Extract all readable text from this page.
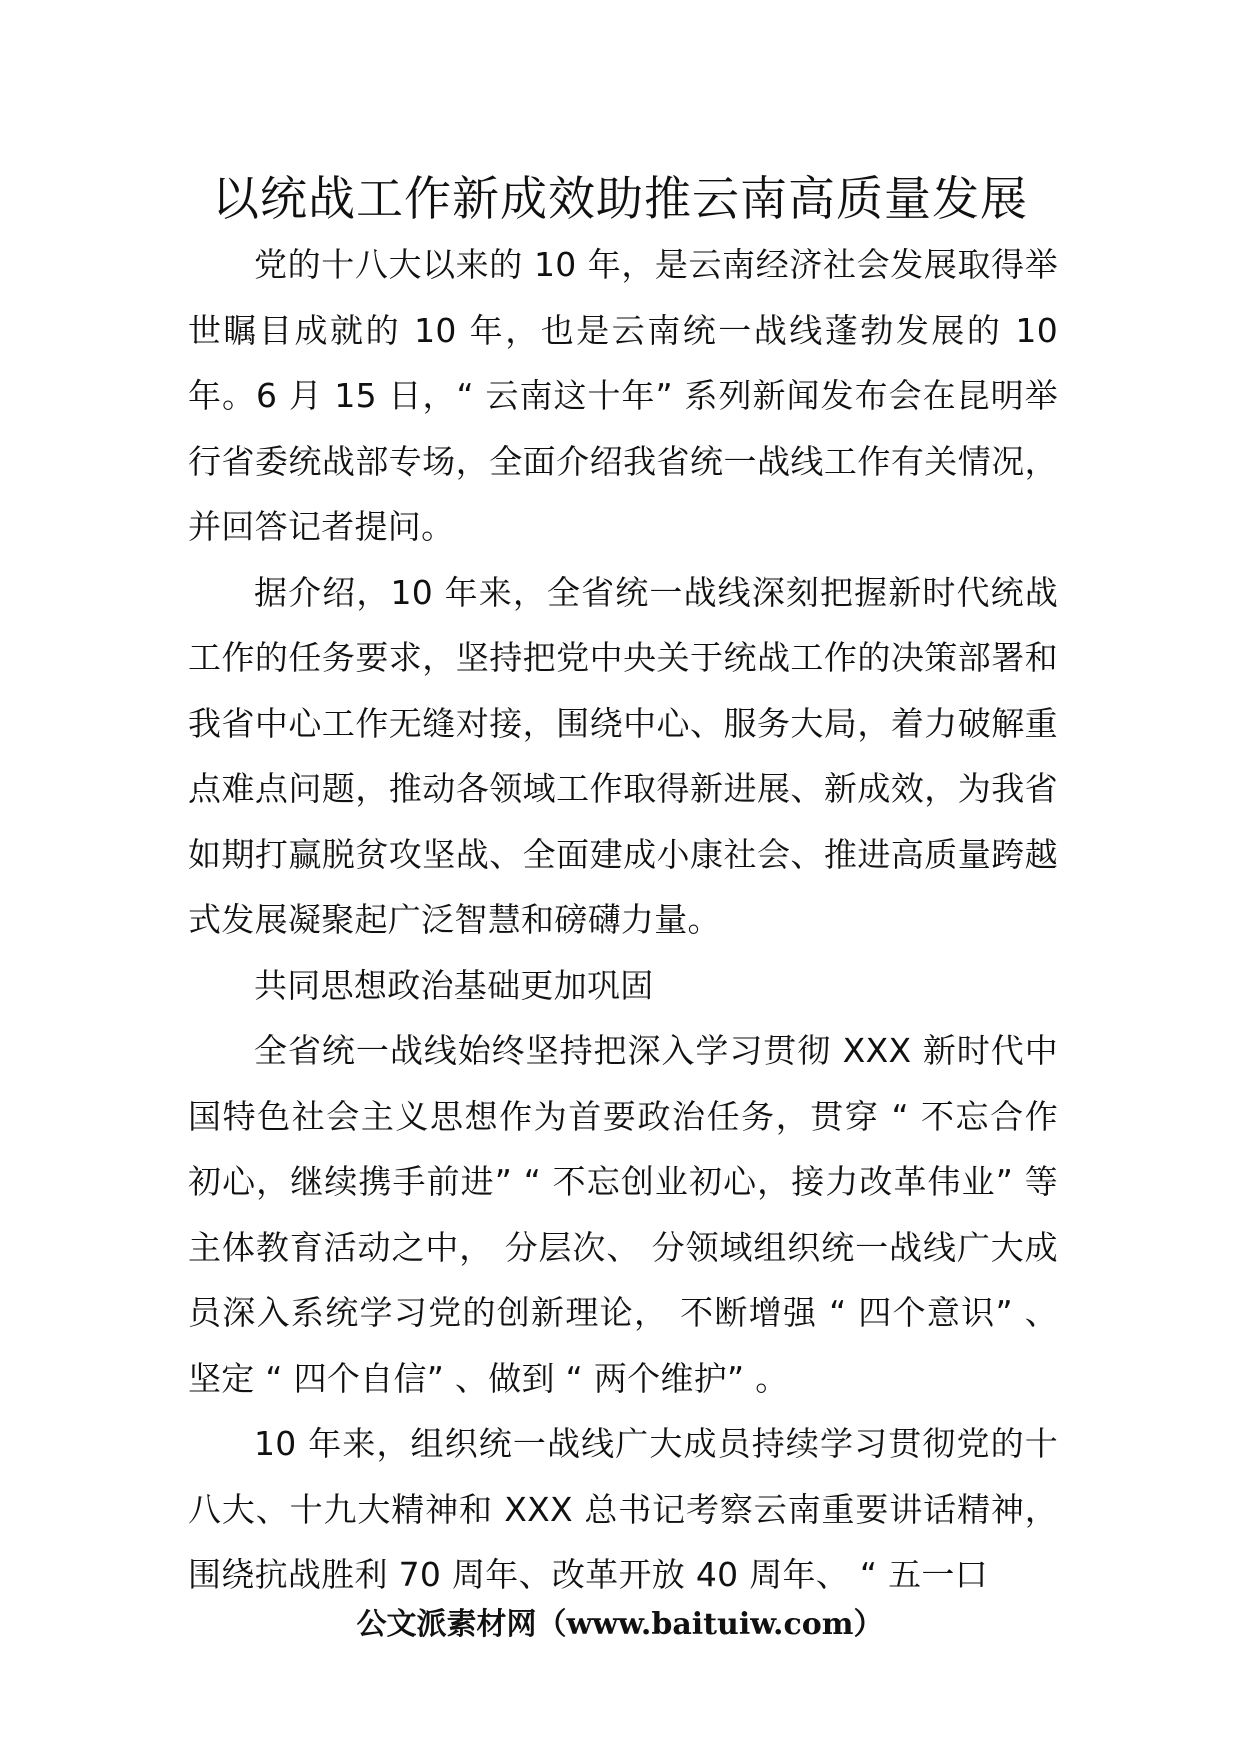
以统战工作新成效助推云南高质量发展

党的十八大以来的 10 年，是云南经济社会发展取得举世瞩目成就的 10 年，也是云南统一战线蓬勃发展的 10 年。6 月 15 日，“ 云南这十年” 系列新闻发布会在昆明举行省委统战部专场，全面介绍我省统一战线工作有关情况，并回答记者提问。

据介绍，10 年来，全省统一战线深刻把握新时代统战工作的任务要求，坚持把党中央关于统战工作的决策部署和我省中心工作无缝对接，围绕中心、服务大局，着力破解重点难点问题，推动各领域工作取得新进展、新成效，为我省如期打赢脱贫攻坚战、全面建成小康社会、推进高质量跨越式发展凝聚起广泛智慧和磅礴力量。

共同思想政治基础更加巩固

全省统一战线始终坚持把深入学习贯彻 XXX 新时代中国特色社会主义思想作为首要政治任务，贯穿 “ 不忘合作初心，继续携手前进” “ 不忘创业初心，接力改革伟业” 等主体教育活动之中， 分层次、 分领域组织统一战线广大成员深入系统学习党的创新理论， 不断增强 “ 四个意识” 、坚定 “ 四个自信” 、做到 “ 两个维护” 。

10 年来，组织统一战线广大成员持续学习贯彻党的十八大、十九大精神和 XXX 总书记考察云南重要讲话精神，围绕抗战胜利 70 周年、改革开放 40 周年、 “ 五一口

公文派素材网（www.baituiw.com）
